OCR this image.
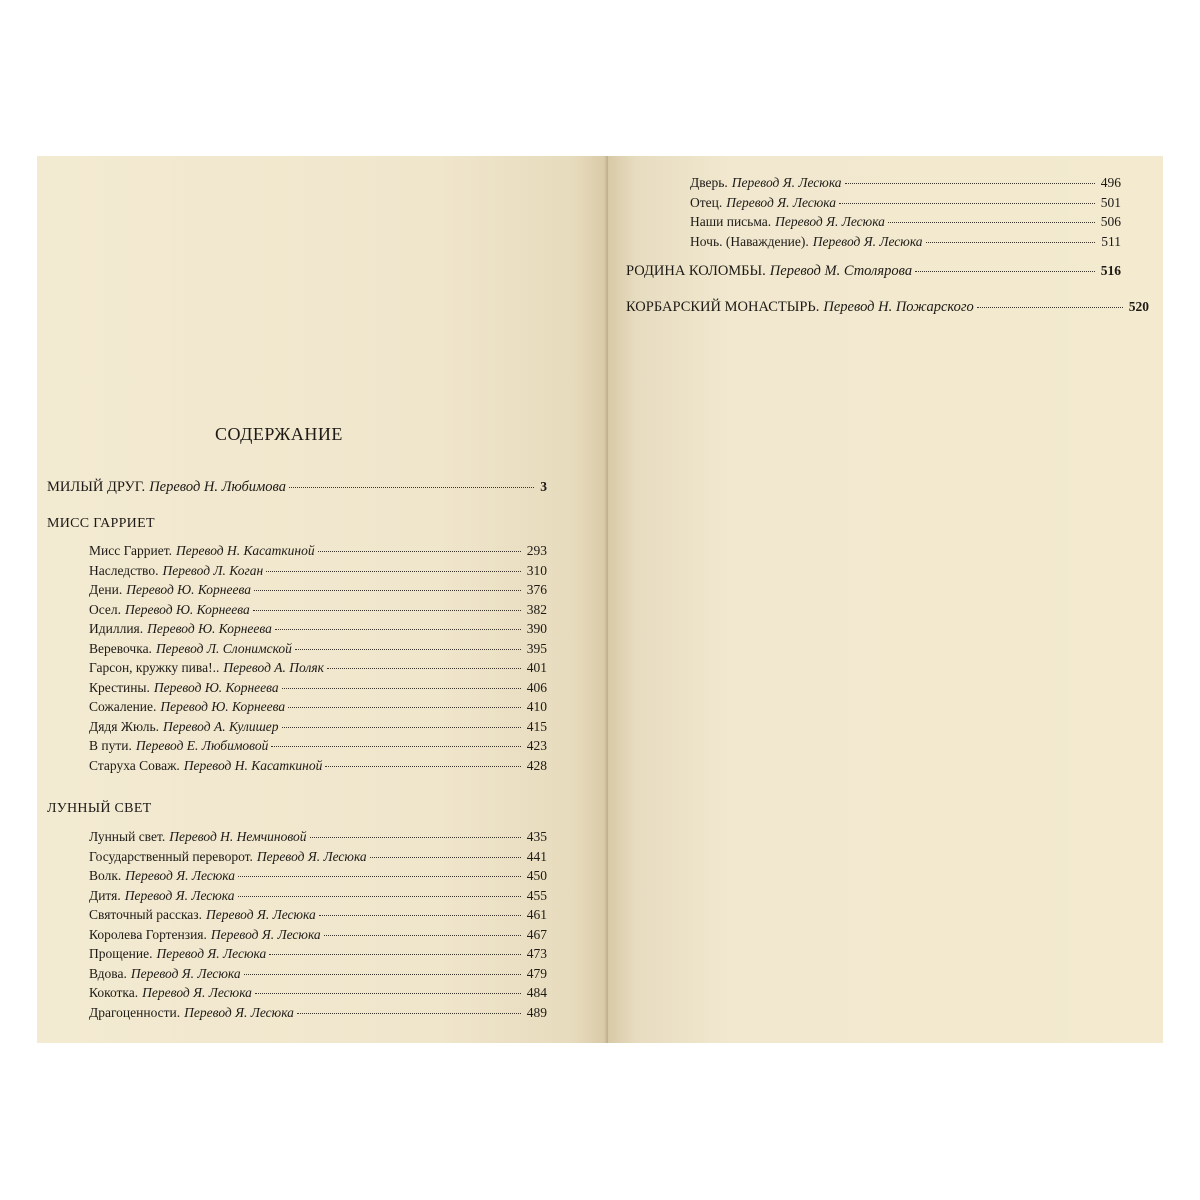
СОДЕРЖАНИЕ
МИЛЫЙ ДРУГ. Перевод Н. Любимова	3
МИСС ГАРРИЕТ
Мисс Гарриет. Перевод Н. Касаткиной	293
Наследство. Перевод Л. Коган	310
Дени. Перевод Ю. Корнеева	376
Осел. Перевод Ю. Корнеева	382
Идиллия. Перевод Ю. Корнеева	390
Веревочка. Перевод Л. Слонимской	395
Гарсон, кружку пива!.. Перевод А. Поляк	401
Крестины. Перевод Ю. Корнеева	406
Сожаление. Перевод Ю. Корнеева	410
Дядя Жюль. Перевод А. Кулишер	415
В пути. Перевод Е. Любимовой	423
Старуха Соваж. Перевод Н. Касаткиной	428
ЛУННЫЙ СВЕТ
Лунный свет. Перевод Н. Немчиновой	435
Государственный переворот. Перевод Я. Лесюка	441
Волк. Перевод Я. Лесюка	450
Дитя. Перевод Я. Лесюка	455
Святочный рассказ. Перевод Я. Лесюка	461
Королева Гортензия. Перевод Я. Лесюка	467
Прощение. Перевод Я. Лесюка	473
Вдова. Перевод Я. Лесюка	479
Кокотка. Перевод Я. Лесюка	484
Драгоценности. Перевод Я. Лесюка	489
Дверь. Перевод Я. Лесюка	496
Отец. Перевод Я. Лесюка	501
Наши письма. Перевод Я. Лесюка	506
Ночь. (Наваждение). Перевод Я. Лесюка	511
РОДИНА КОЛОМБЫ. Перевод М. Столярова	516
КОРБАРСКИЙ МОНАСТЫРЬ. Перевод Н. Пожарского	520
